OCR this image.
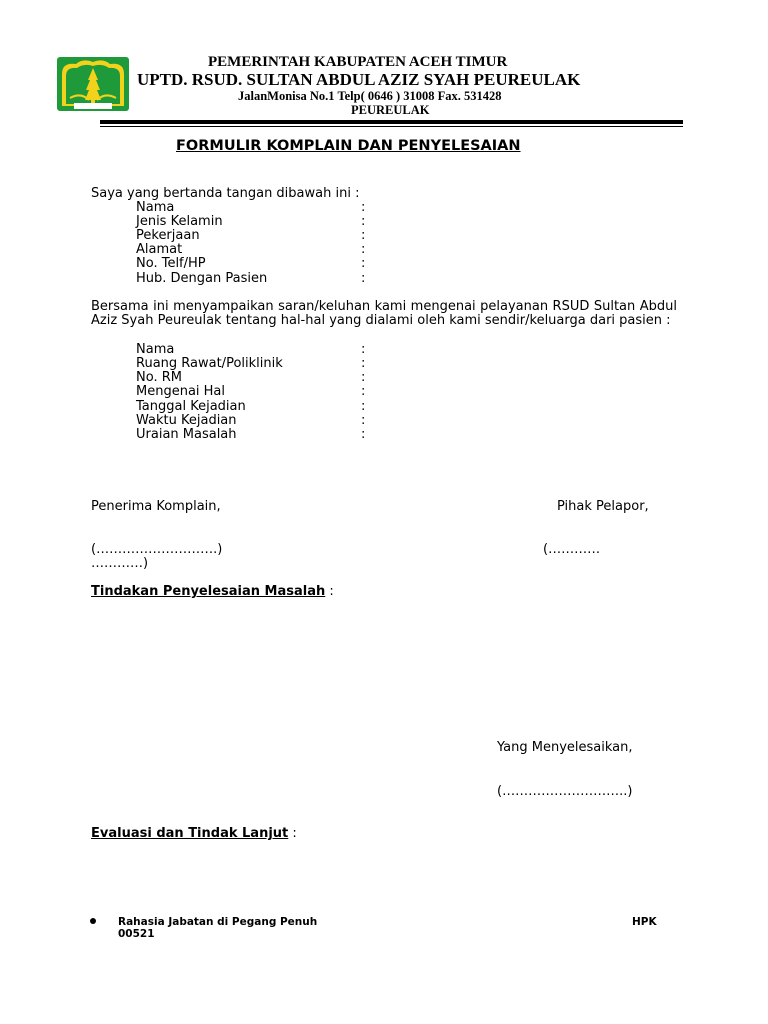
PEMERINTAH KABUPATEN ACEH TIMUR
UPTD. RSUD. SULTAN ABDUL AZIZ SYAH PEUREULAK
JalanMonisa No.1 Telp( 0646 ) 31008 Fax. 531428
PEUREULAK
FORMULIR KOMPLAIN DAN PENYELESAIAN
Saya yang bertanda tangan dibawah ini :
Nama	:
Jenis Kelamin	:
Pekerjaan	:
Alamat	:
No. Telf/HP	:
Hub. Dengan Pasien	:
Bersama ini menyampaikan saran/keluhan kami mengenai pelayanan RSUD Sultan Abdul Aziz Syah Peureulak tentang hal-hal yang dialami oleh kami sendir/keluarga dari pasien :
Nama	:
Ruang Rawat/Poliklinik	:
No. RM	:
Mengenai Hal	:
Tanggal Kejadian	:
Waktu Kejadian	:
Uraian Masalah	:
Penerima Komplain,	Pihak Pelapor,
(……………………….)	(…………
…………)
Tindakan Penyelesaian Masalah :
Yang Menyelesaikan,
(………………………..)
Evaluasi dan Tindak Lanjut :
Rahasia Jabatan di Pegang Penuh	HPK
00521
